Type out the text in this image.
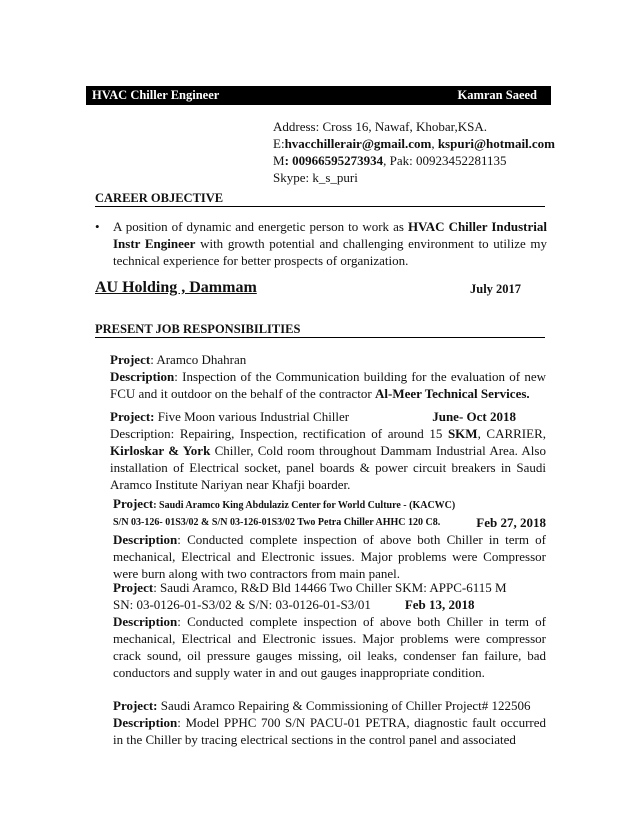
HVAC Chiller Engineer	Kamran Saeed
Address: Cross 16, Nawaf, Khobar,KSA.
E:hvacchillerair@gmail.com, kspuri@hotmail.com
M: 00966595273934, Pak: 00923452281135
Skype: k_s_puri
CAREER OBJECTIVE
• A position of dynamic and energetic person to work as HVAC Chiller Industrial Instr Engineer with growth potential and challenging environment to utilize my technical experience for better prospects of organization.
AU Holding , Dammam	July 2017
PRESENT JOB RESPONSIBILITIES
Project: Aramco Dhahran
Description: Inspection of the Communication building for the evaluation of new FCU and it outdoor on the behalf of the contractor Al-Meer Technical Services.
Project: Five Moon various Industrial Chiller	June- Oct 2018
Description: Repairing, Inspection, rectification of around 15 SKM, CARRIER, Kirloskar & York Chiller, Cold room throughout Dammam Industrial Area. Also installation of Electrical socket, panel boards & power circuit breakers in Saudi Aramco Institute Nariyan near Khafji boarder.
Project: Saudi Aramco King Abdulaziz Center for World Culture - (KACWC)
S/N 03-126- 01S3/02 & S/N 03-126-01S3/02 Two Petra Chiller AHHC 120 C8.	Feb 27, 2018
Description: Conducted complete inspection of above both Chiller in term of mechanical, Electrical and Electronic issues. Major problems were Compressor were burn along with two contractors from main panel.
Project: Saudi Aramco, R&D Bld 14466 Two Chiller SKM: APPC-6115 M
SN: 03-0126-01-S3/02 & S/N: 03-0126-01-S3/01	Feb 13, 2018
Description: Conducted complete inspection of above both Chiller in term of mechanical, Electrical and Electronic issues. Major problems were compressor crack sound, oil pressure gauges missing, oil leaks, condenser fan failure, bad conductors and supply water in and out gauges inappropriate condition.
Project: Saudi Aramco Repairing & Commissioning of Chiller Project# 122506
Description: Model PPHC 700 S/N PACU-01 PETRA, diagnostic fault occurred in the Chiller by tracing electrical sections in the control panel and associated
